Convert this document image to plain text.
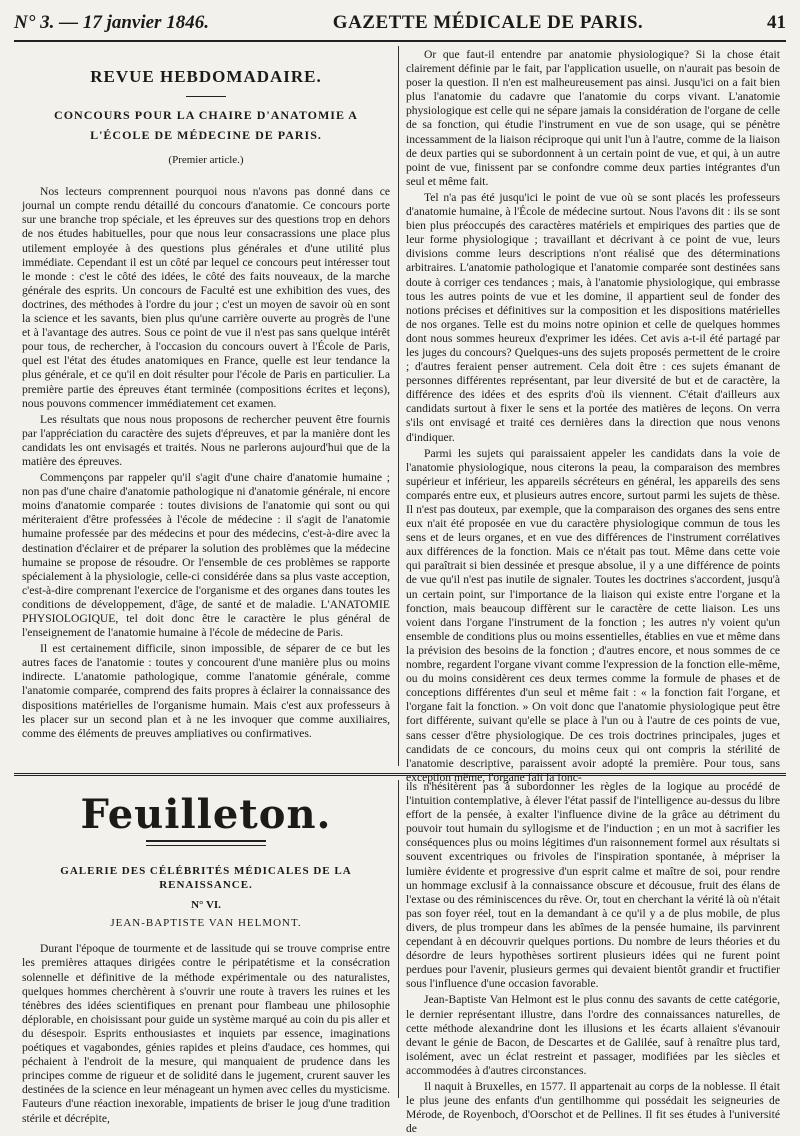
N° 3. — 17 janvier 1846.	GAZETTE MÉDICALE DE PARIS.	41
REVUE HEBDOMADAIRE.
CONCOURS POUR LA CHAIRE D'ANATOMIE A L'ÉCOLE DE MÉDECINE DE PARIS.
(Premier article.)

Nos lecteurs comprennent pourquoi nous n'avons pas donné dans ce journal un compte rendu détaillé du concours d'anatomie. Ce concours porte sur une branche trop spéciale, et les épreuves sur des questions trop en dehors de nos études habituelles, pour que nous leur consacrassions une place plus utilement employée à des questions plus générales et d'une utilité plus immédiate. Cependant il est un côté par lequel ce concours peut intéresser tout le monde : c'est le côté des idées, le côté des faits nouveaux, de la marche générale des esprits. Un concours de Faculté est une exhibition des vues, des doctrines, des méthodes à l'ordre du jour ; c'est un moyen de savoir où en sont la science et les savants, bien plus qu'une carrière ouverte au progrès de l'une et à l'avantage des autres. Sous ce point de vue il n'est pas sans quelque intérêt pour tous, de rechercher, à l'occasion du concours ouvert à l'École de Paris, quel est l'état des études anatomiques en France, quelle est leur tendance la plus générale, et ce qu'il en doit résulter pour l'école de Paris en particulier. La première partie des épreuves étant terminée (compositions écrites et leçons), nous pouvons commencer immédiatement cet examen.

Les résultats que nous nous proposons de rechercher peuvent être fournis par l'appréciation du caractère des sujets d'épreuves, et par la manière dont les candidats les ont envisagés et traités. Nous ne parlerons aujourd'hui que de la matière des épreuves.

Commençons par rappeler qu'il s'agit d'une chaire d'anatomie humaine ; non pas d'une chaire d'anatomie pathologique ni d'anatomie générale, ni encore moins d'anatomie comparée : toutes divisions de l'anatomie qui sont ou qui mériteraient d'être professées à l'école de médecine : il s'agit de l'anatomie humaine professée par des médecins et pour des médecins, c'est-à-dire avec la destination d'éclairer et de préparer la solution des problèmes que la médecine humaine se propose de résoudre. Or l'ensemble de ces problèmes se rapporte spécialement à la physiologie, celle-ci considérée dans sa plus vaste acception, c'est-à-dire comprenant l'exercice de l'organisme et des organes dans toutes les conditions de développement, d'âge, de santé et de maladie. L'ANATOMIE PHYSIOLOGIQUE, tel doit donc être le caractère le plus général de l'enseignement de l'anatomie humaine à l'école de médecine de Paris.

Il est certainement difficile, sinon impossible, de séparer de ce but les autres faces de l'anatomie : toutes y concourent d'une manière plus ou moins indirecte. L'anatomie pathologique, comme l'anatomie générale, comme l'anatomie comparée, comprend des faits propres à éclairer la connaissance des dispositions matérielles de l'organisme humain. Mais c'est aux professeurs à les placer sur un second plan et à ne les invoquer que comme auxiliaires, comme des éléments de preuves ampliatives ou confirmatives.

Or que faut-il entendre par anatomie physiologique? Si la chose était clairement définie par le fait, par l'application usuelle, on n'aurait pas besoin de poser la question. Il n'en est malheureusement pas ainsi. Jusqu'ici on a fait bien plus l'anatomie du cadavre que l'anatomie du corps vivant. L'anatomie physiologique est celle qui ne sépare jamais la considération de l'organe de celle de sa fonction, qui étudie l'instrument en vue de son usage, qui se pénètre incessamment de la liaison réciproque qui unit l'un à l'autre, comme de la liaison de deux parties qui se subordonnent à un certain point de vue, et qui, à un autre point de vue, finissent par se confondre comme deux parties intégrantes d'un seul et même fait.

Tel n'a pas été jusqu'ici le point de vue où se sont placés les professeurs d'anatomie humaine, à l'École de médecine surtout. Nous l'avons dit : ils se sont bien plus préoccupés des caractères matériels et empiriques des parties que de leur forme physiologique ; travaillant et décrivant à ce point de vue, leurs divisions comme leurs descriptions n'ont réalisé que des déterminations arbitraires. L'anatomie pathologique et l'anatomie comparée sont destinées sans doute à corriger ces tendances ; mais, à l'anatomie physiologique, qui embrasse tous les autres points de vue et les domine, il appartient seul de fonder des notions précises et définitives sur la composition et les dispositions matérielles de nos organes. Telle est du moins notre opinion et celle de quelques hommes dont nous sommes heureux d'exprimer les idées. Cet avis a-t-il été partagé par les juges du concours? Quelques-uns des sujets proposés permettent de le croire ; d'autres feraient penser autrement. Cela doit être : ces sujets émanant de personnes différentes représentant, par leur diversité de but et de caractère, la différence des idées et des esprits d'où ils viennent. C'était d'ailleurs aux candidats surtout à fixer le sens et la portée des matières de leçons. On verra s'ils ont envisagé et traité ces dernières dans la direction que nous venons d'indiquer.

Parmi les sujets qui paraissaient appeler les candidats dans la voie de l'anatomie physiologique, nous citerons la peau, la comparaison des membres supérieur et inférieur, les appareils sécréteurs en général, les appareils des sens comparés entre eux, et plusieurs autres encore, surtout parmi les sujets de thèse. Il n'est pas douteux, par exemple, que la comparaison des organes des sens entre eux n'ait été proposée en vue du caractère physiologique commun de tous les sens et de leurs organes, et en vue des différences de l'instrument corrélatives aux différences de la fonction. Mais ce n'était pas tout. Même dans cette voie qui paraîtrait si bien dessinée et presque absolue, il y a une différence de points de vue qu'il n'est pas inutile de signaler. Toutes les doctrines s'accordent, jusqu'à un certain point, sur l'importance de la liaison qui existe entre l'organe et la fonction, mais beaucoup diffèrent sur le caractère de cette liaison. Les uns voient dans l'organe l'instrument de la fonction ; les autres n'y voient qu'un ensemble de conditions plus ou moins essentielles, établies en vue et même dans la prévision des besoins de la fonction ; d'autres encore, et nous sommes de ce nombre, regardent l'organe vivant comme l'expression de la fonction elle-même, ou du moins considèrent ces deux termes comme la formule de phases et de conceptions différentes d'un seul et même fait : « la fonction fait l'organe, et l'organe fait la fonction. » On voit donc que l'anatomie physiologique peut être fort différente, suivant qu'elle se place à l'un ou à l'autre de ces points de vue, sans cesser d'être physiologique. De ces trois doctrines principales, juges et candidats de ce concours, du moins ceux qui ont compris la stérilité de l'anatomie descriptive, paraissent avoir adopté la première. Pour tous, sans exception même, l'organe fait la fonc-

Feuilleton.
GALERIE DES CÉLÉBRITÉS MÉDICALES DE LA RENAISSANCE.
N° VI.
JEAN-BAPTISTE VAN HELMONT.

Durant l'époque de tourmente et de lassitude qui se trouve comprise entre les premières attaques dirigées contre le péripatétisme et la consécration solennelle et définitive de la méthode expérimentale ou des naturalistes, quelques hommes cherchèrent à s'ouvrir une route à travers les ruines et les ténèbres des idées scientifiques en prenant pour flambeau une philosophie déplorable, en choisissant pour guide un système marqué au coin du pis aller et du désespoir. Esprits enthousiastes et inquiets par essence, imaginations poétiques et vagabondes, génies rapides et pleins d'audace, ces hommes, qui péchaient à l'endroit de la mesure, qui manquaient de prudence dans les principes comme de rigueur et de solidité dans le jugement, crurent sauver les destinées de la science en leur ménageant un hymen avec celles du mysticisme. Fauteurs d'une réaction inexorable, impatients de briser le joug d'une tradition stérile et décrépite,

ils n'hésitèrent pas à subordonner les règles de la logique au procédé de l'intuition contemplative, à élever l'état passif de l'intelligence au-dessus du libre effort de la pensée, à exalter l'influence divine de la grâce au détriment du pouvoir tout humain du syllogisme et de l'induction ; en un mot à sacrifier les conséquences plus ou moins légitimes d'un raisonnement formel aux résultats si souvent excentriques ou frivoles de l'inspiration spontanée, à mépriser la lumière évidente et progressive d'un esprit calme et maître de soi, pour rendre un hommage exclusif à la connaissance obscure et décousue, fruit des élans de l'extase ou des réminiscences du rêve. Or, tout en cherchant la vérité là où n'était pas son foyer réel, tout en la demandant à ce qu'il y a de plus mobile, de plus divers, de plus trompeur dans les abîmes de la pensée humaine, ils parvinrent cependant à en découvrir quelques portions. Du nombre de leurs théories et du désordre de leurs hypothèses sortirent plusieurs idées qui ne furent point perdues pour l'avenir, plusieurs germes qui devaient bientôt grandir et fructifier sous l'influence d'une occasion favorable.

Jean-Baptiste Van Helmont est le plus connu des savants de cette catégorie, le dernier représentant illustre, dans l'ordre des connaissances naturelles, de cette méthode alexandrine dont les illusions et les écarts allaient s'évanouir devant le génie de Bacon, de Descartes et de Galilée, sauf à renaître plus tard, isolément, avec un éclat restreint et passager, modifiées par les siècles et accommodées à d'autres circonstances.

Il naquit à Bruxelles, en 1577. Il appartenait au corps de la noblesse. Il était le plus jeune des enfants d'un gentilhomme qui possédait les seigneuries de Mérode, de Royenboch, d'Oorschot et de Pellines. Il fit ses études à l'université de
